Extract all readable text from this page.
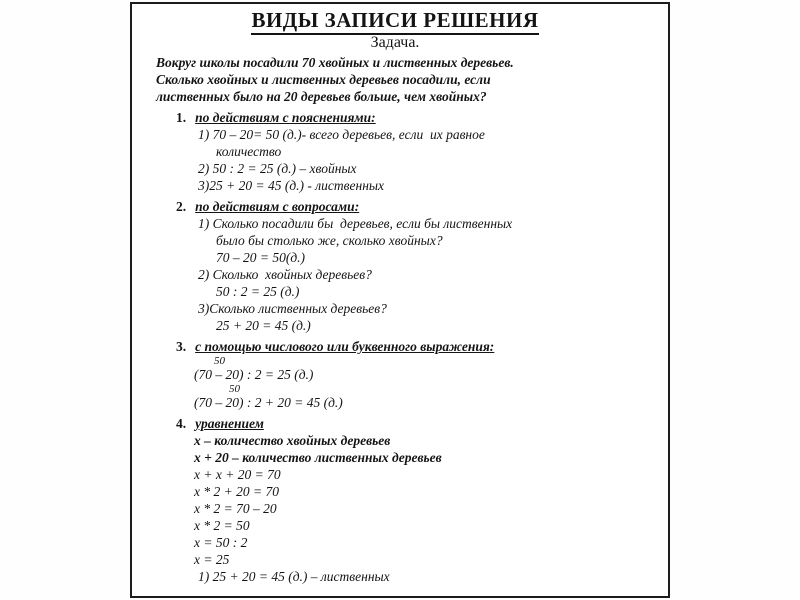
ВИДЫ ЗАПИСИ РЕШЕНИЯ
Задача.
Вокруг школы посадили 70 хвойных и лиственных деревьев.
Сколько хвойных и лиственных деревьев посадили, если
лиственных было на 20 деревьев больше, чем хвойных?
1. по действиям с пояснениями:
1) 70 – 20= 50 (д.)- всего деревьев, если  их равное
количество
2) 50 : 2 = 25 (д.) – хвойных
3)25 + 20 = 45 (д.) - лиственных
2. по действиям с вопросами:
1) Сколько посадили бы  деревьев, если бы лиственных
было бы столько же, сколько хвойных?
70 – 20 = 50(д.)
2) Сколько  хвойных деревьев?
50 : 2 = 25 (д.)
3)Сколько лиственных деревьев?
25 + 20 = 45 (д.)
3. с помощью числового или буквенного выражения:
50
(70 – 20) : 2 = 25 (д.)
50
(70 – 20) : 2 + 20 = 45 (д.)
4. уравнением
х – количество хвойных деревьев
х + 20 – количество лиственных деревьев
х + х + 20 = 70
х * 2 + 20 = 70
х * 2 = 70 – 20
х * 2 = 50
х = 50 : 2
х = 25
1) 25 + 20 = 45 (д.) – лиственных
